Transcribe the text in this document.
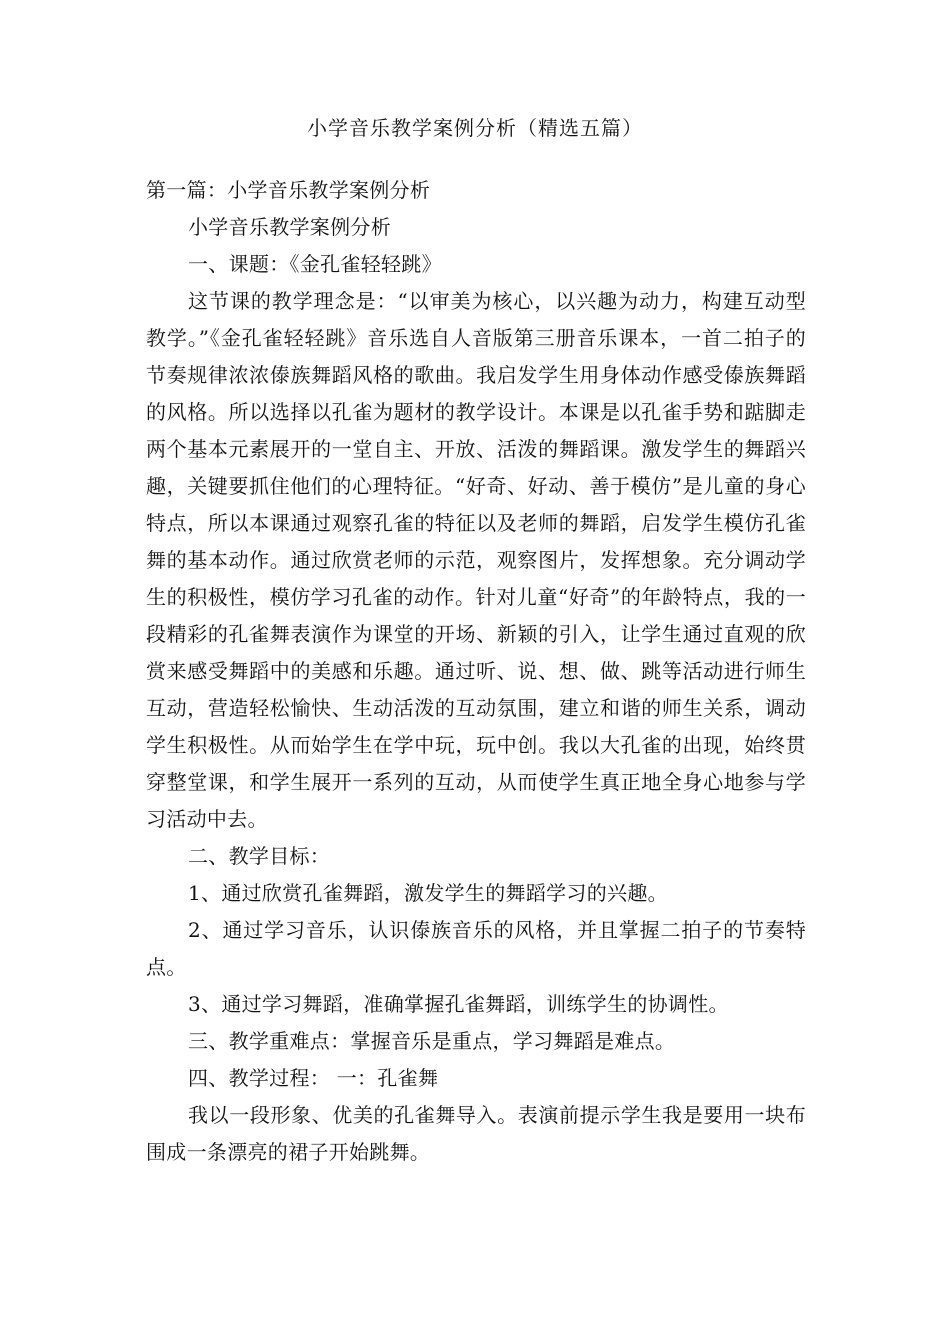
小学音乐教学案例分析（精选五篇）

第一篇：小学音乐教学案例分析

小学音乐教学案例分析

一、课题：《金孔雀轻轻跳》

这节课的教学理念是：“以审美为核心，以兴趣为动力，构建互动型教学。”《金孔雀轻轻跳》音乐选自人音版第三册音乐课本，一首二拍子的节奏规律浓浓傣族舞蹈风格的歌曲。我启发学生用身体动作感受傣族舞蹈的风格。所以选择以孔雀为题材的教学设计。本课是以孔雀手势和踮脚走两个基本元素展开的一堂自主、开放、活泼的舞蹈课。激发学生的舞蹈兴趣，关键要抓住他们的心理特征。“好奇、好动、善于模仿”是儿童的身心特点，所以本课通过观察孔雀的特征以及老师的舞蹈，启发学生模仿孔雀舞的基本动作。通过欣赏老师的示范，观察图片，发挥想象。充分调动学生的积极性，模仿学习孔雀的动作。针对儿童“好奇”的年龄特点，我的一段精彩的孔雀舞表演作为课堂的开场、新颖的引入，让学生通过直观的欣赏来感受舞蹈中的美感和乐趣。通过听、说、想、做、跳等活动进行师生互动，营造轻松愉快、生动活泼的互动氛围，建立和谐的师生关系，调动学生积极性。从而始学生在学中玩，玩中创。我以大孔雀的出现，始终贯穿整堂课，和学生展开一系列的互动，从而使学生真正地全身心地参与学习活动中去。

二、教学目标：

1、通过欣赏孔雀舞蹈，激发学生的舞蹈学习的兴趣。

2、通过学习音乐，认识傣族音乐的风格，并且掌握二拍子的节奏特点。

3、通过学习舞蹈，准确掌握孔雀舞蹈，训练学生的协调性。

三、教学重难点：掌握音乐是重点，学习舞蹈是难点。

四、教学过程： 一：孔雀舞

我以一段形象、优美的孔雀舞导入。表演前提示学生我是要用一块布围成一条漂亮的裙子开始跳舞。
